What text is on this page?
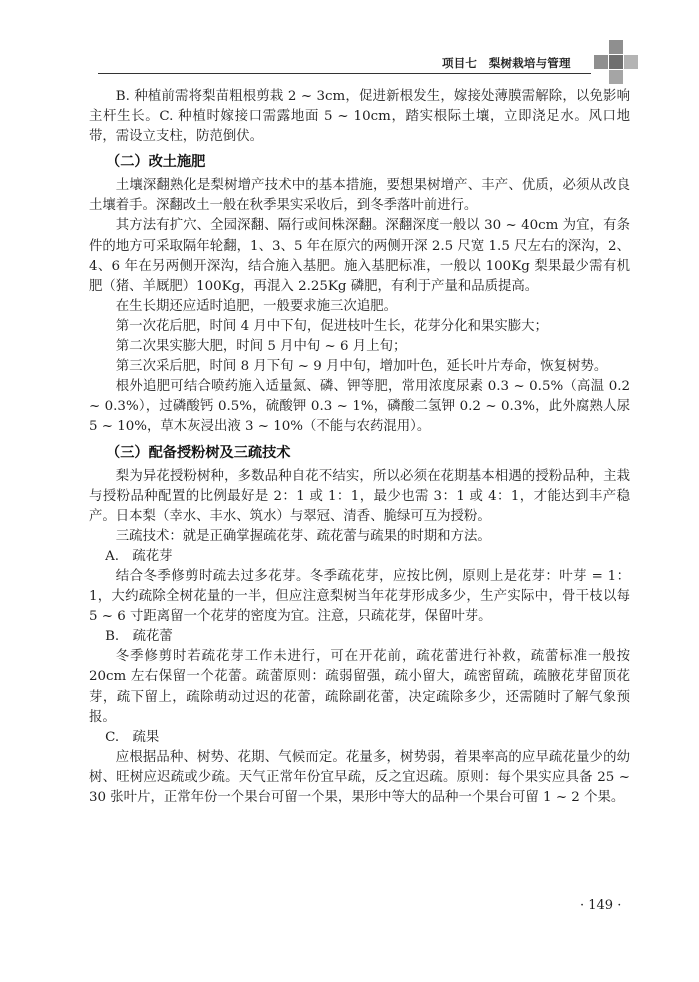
项目七　梨树栽培与管理

B. 种植前需将梨苗粗根剪栽 2 ~ 3cm，促进新根发生，嫁接处薄膜需解除，以免影响主杆生长。C. 种植时嫁接口需露地面 5 ~ 10cm，踏实根际土壤，立即浇足水。风口地带，需设立支柱，防范倒伏。

（二）改土施肥

土壤深翻熟化是梨树增产技术中的基本措施，要想果树增产、丰产、优质，必须从改良土壤着手。深翻改土一般在秋季果实采收后，到冬季落叶前进行。

其方法有扩穴、全园深翻、隔行或间株深翻。深翻深度一般以 30 ~ 40cm 为宜，有条件的地方可采取隔年轮翻，1、3、5 年在原穴的两侧开深 2.5 尺宽 1.5 尺左右的深沟，2、4、6 年在另两侧开深沟，结合施入基肥。施入基肥标准，一般以 100Kg 梨果最少需有机肥（猪、羊厩肥）100Kg，再混入 2.25Kg 磷肥，有利于产量和品质提高。

在生长期还应适时追肥，一般要求施三次追肥。

第一次花后肥，时间 4 月中下旬，促进枝叶生长，花芽分化和果实膨大；

第二次果实膨大肥，时间 5 月中旬 ~ 6 月上旬；

第三次采后肥，时间 8 月下旬 ~ 9 月中旬，增加叶色，延长叶片寿命，恢复树势。

根外追肥可结合喷药施入适量氮、磷、钾等肥，常用浓度尿素 0.3 ~ 0.5%（高温 0.2 ~ 0.3%），过磷酸钙 0.5%，硫酸钾 0.3 ~ 1%，磷酸二氢钾 0.2 ~ 0.3%，此外腐熟人尿 5 ~ 10%，草木灰浸出液 3 ~ 10%（不能与农药混用）。

（三）配备授粉树及三疏技术

梨为异花授粉树种，多数品种自花不结实，所以必须在花期基本相遇的授粉品种，主栽与授粉品种配置的比例最好是 2：1 或 1：1，最少也需 3：1 或 4：1，才能达到丰产稳产。日本梨（幸水、丰水、筑水）与翠冠、清香、脆绿可互为授粉。

三疏技术：就是正确掌握疏花芽、疏花蕾与疏果的时期和方法。

A.　疏花芽

结合冬季修剪时疏去过多花芽。冬季疏花芽，应按比例，原则上是花芽：叶芽 = 1：1，大约疏除全树花量的一半，但应注意梨树当年花芽形成多少，生产实际中，骨干枝以每 5 ~ 6 寸距离留一个花芽的密度为宜。注意，只疏花芽，保留叶芽。

B.　疏花蕾

冬季修剪时若疏花芽工作未进行，可在开花前，疏花蕾进行补救，疏蕾标准一般按 20cm 左右保留一个花蕾。疏蕾原则：疏弱留强，疏小留大，疏密留疏，疏腋花芽留顶花芽，疏下留上，疏除萌动过迟的花蕾，疏除副花蕾，决定疏除多少，还需随时了解气象预报。

C.　疏果

应根据品种、树势、花期、气候而定。花量多，树势弱，着果率高的应早疏花量少的幼树、旺树应迟疏或少疏。天气正常年份宜早疏，反之宜迟疏。原则：每个果实应具备 25 ~ 30 张叶片，正常年份一个果台可留一个果，果形中等大的品种一个果台可留 1 ~ 2 个果。

· 149 ·
